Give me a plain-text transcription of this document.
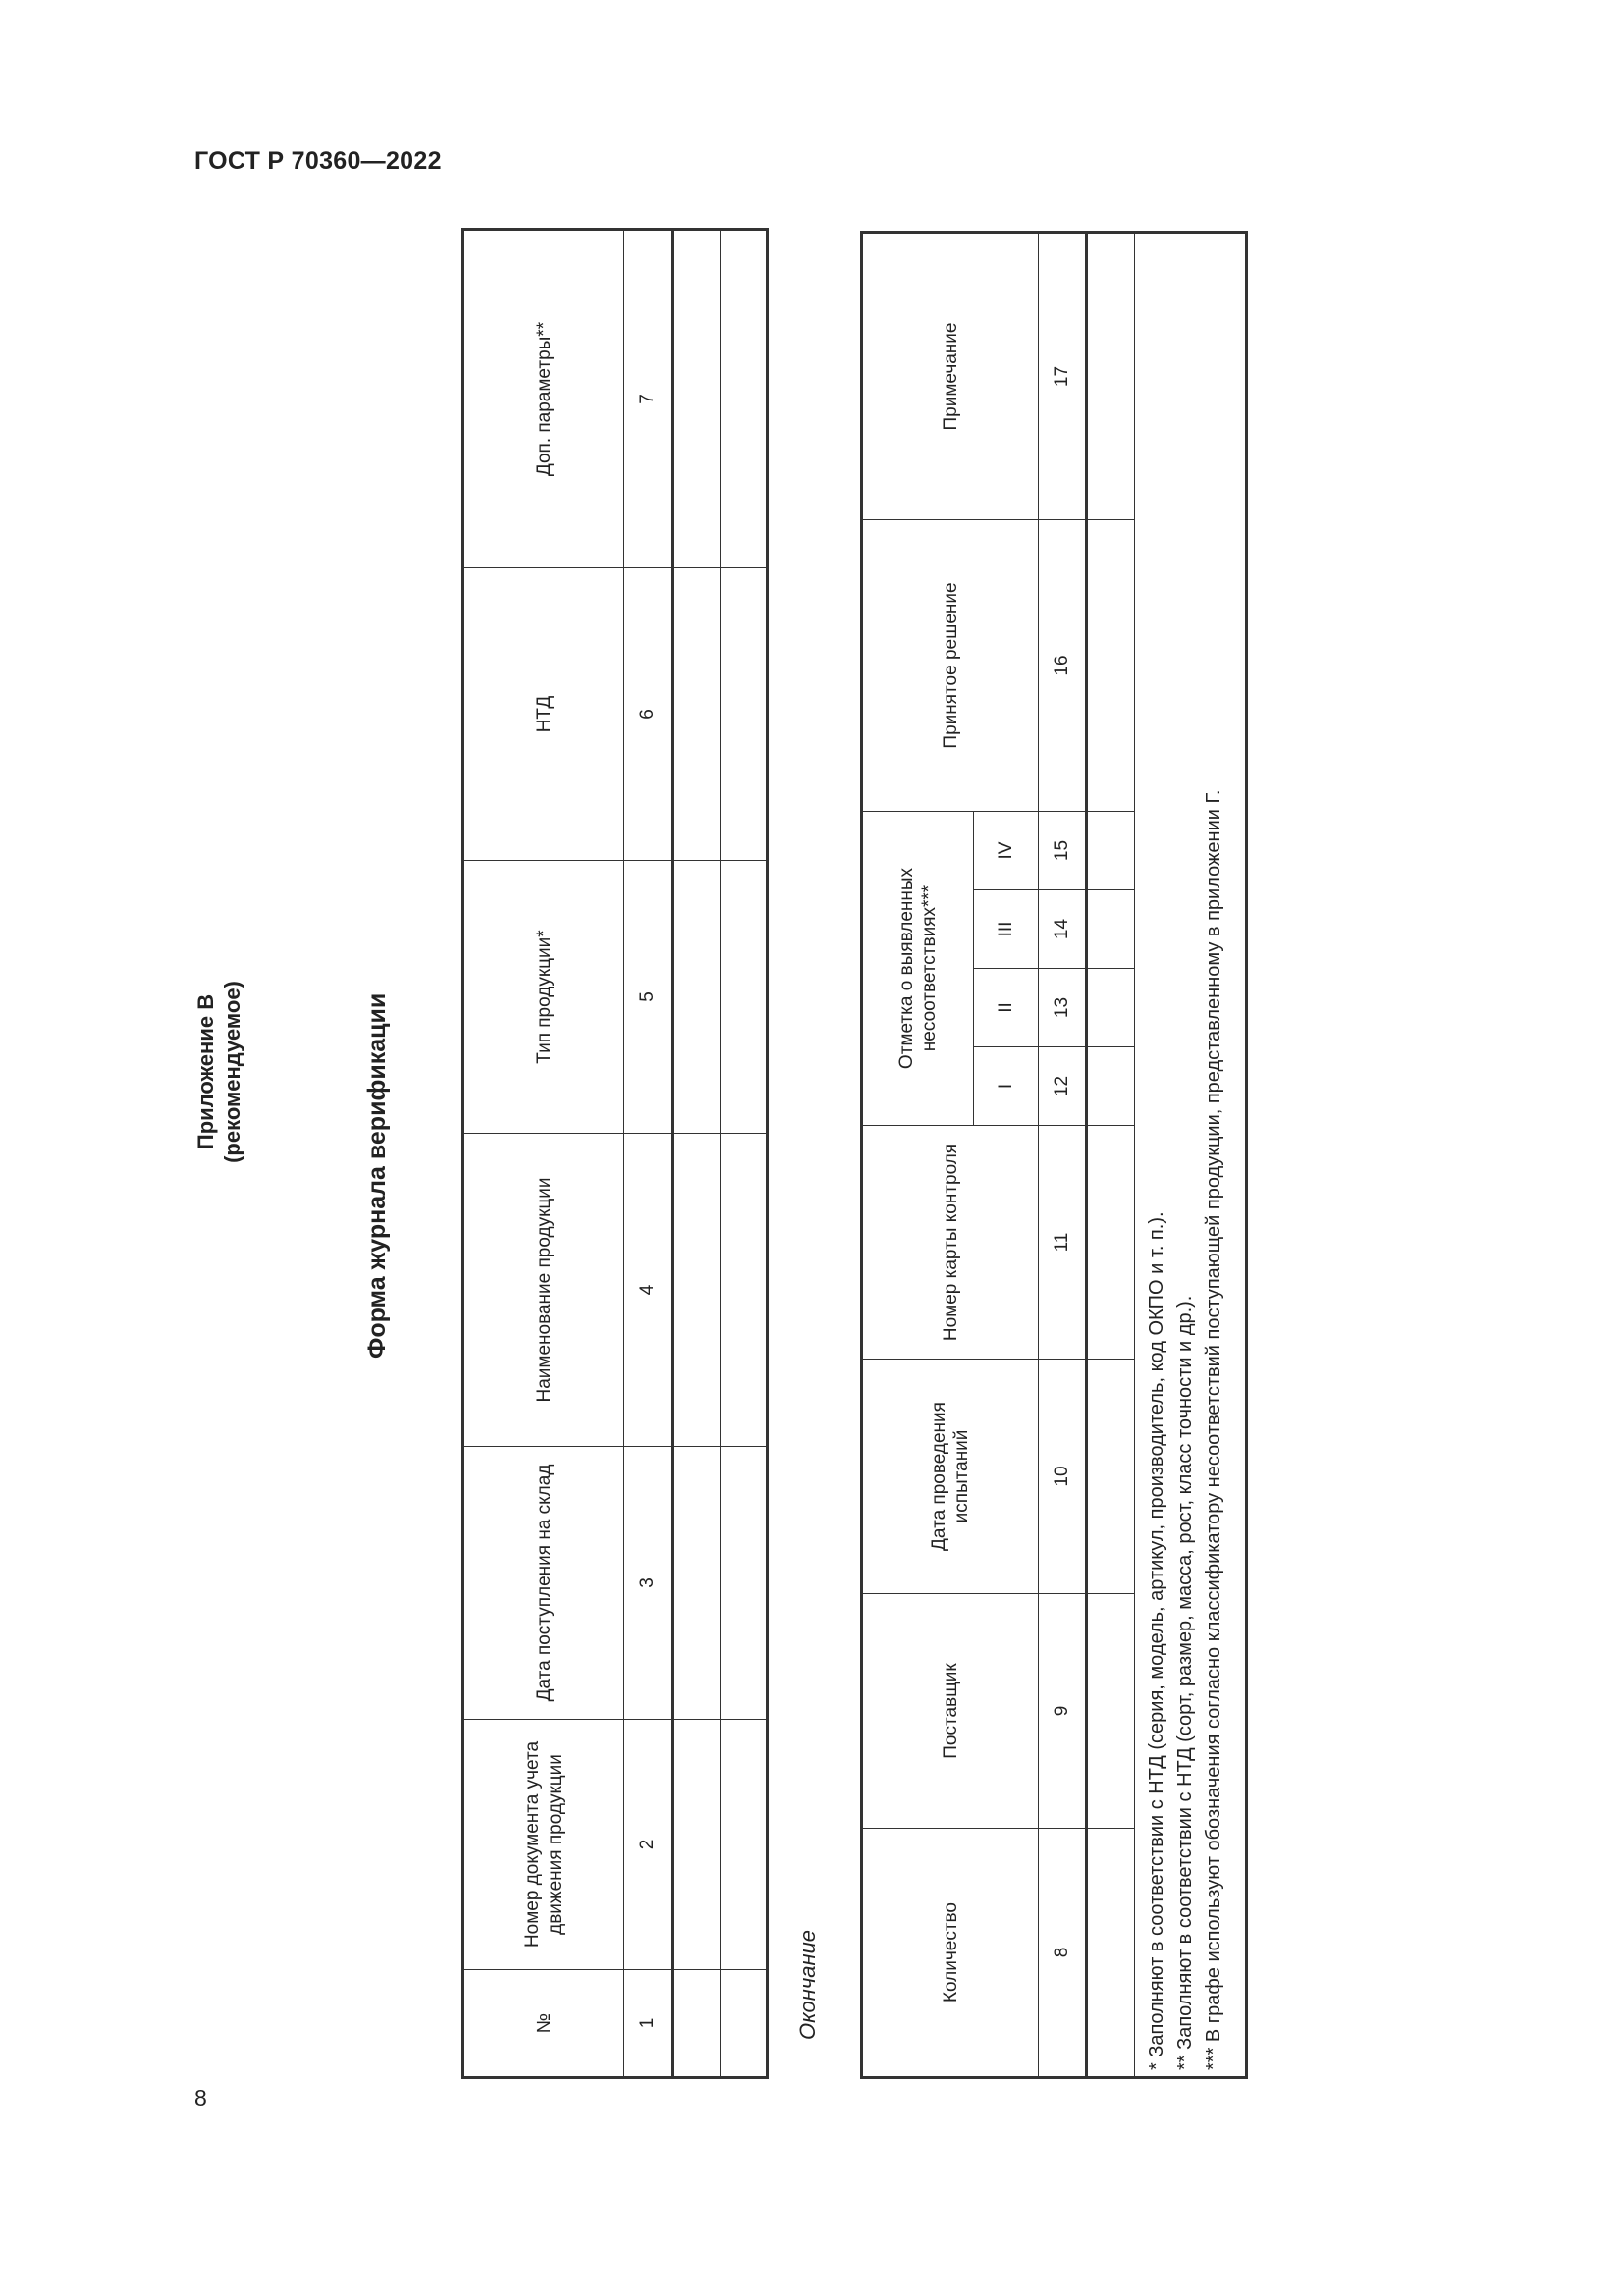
ГОСТ Р 70360—2022
8
Приложение В (рекомендуемое)	Форма журнала верификации
Окончание
№	Номер документа учета движения продукции	Дата поступления на склад	Наименование продукции	Тип продукции*	НТД	Доп. параметры**
1	2	3	4	5	6	7

Количество	Поставщик	Дата проведения испытаний	Номер карты контроля	Отметка о выявленных несоответствиях***				Принятое решение	Примечание
				I	II	III	IV		
8	9	10	11	12	13	14	15	16	17

* Заполняют в соответствии с НТД (серия, модель, артикул, производитель, код ОКПО и т. п.). ** Заполняют в соответствии с НТД (сорт, размер, масса, рост, класс точности и др.). *** В графе используют обозначения согласно классификатору несоответствий поступающей продукции, представленному в приложении Г.									
